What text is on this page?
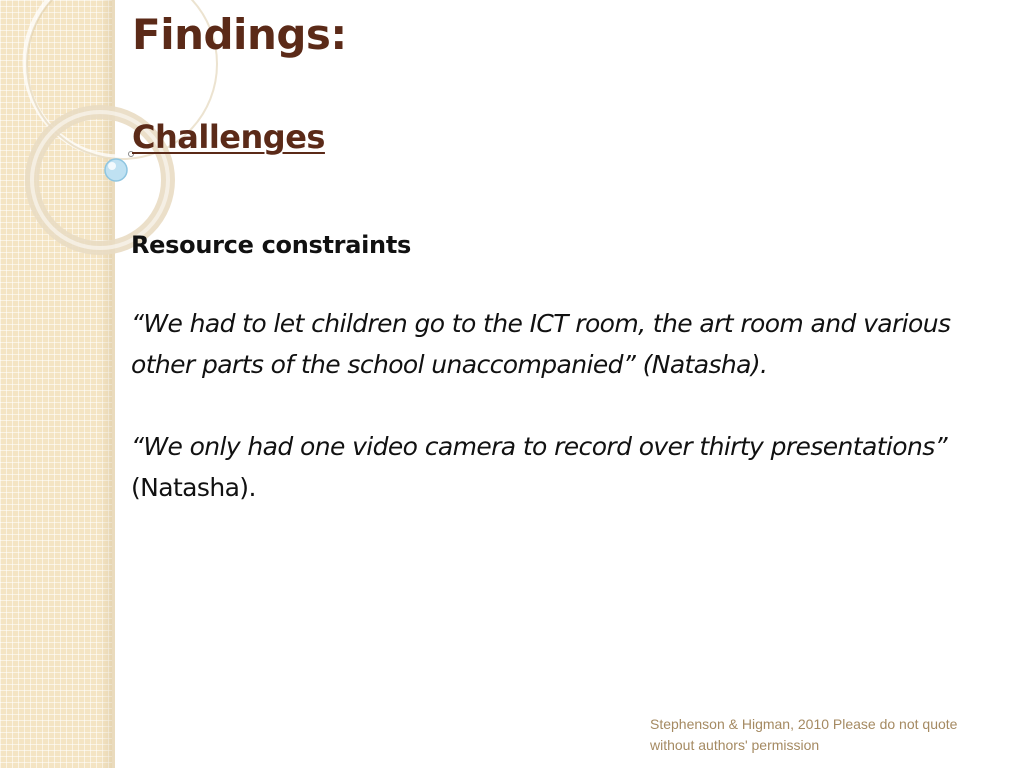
Findings:
Challenges

Resource constraints

“We had to let children go to the ICT room, the art room and various other parts of the school unaccompanied” (Natasha).

“We only had one video camera to record over thirty presentations” (Natasha).

Stephenson & Higman, 2010 Please do not quote without authors' permission
